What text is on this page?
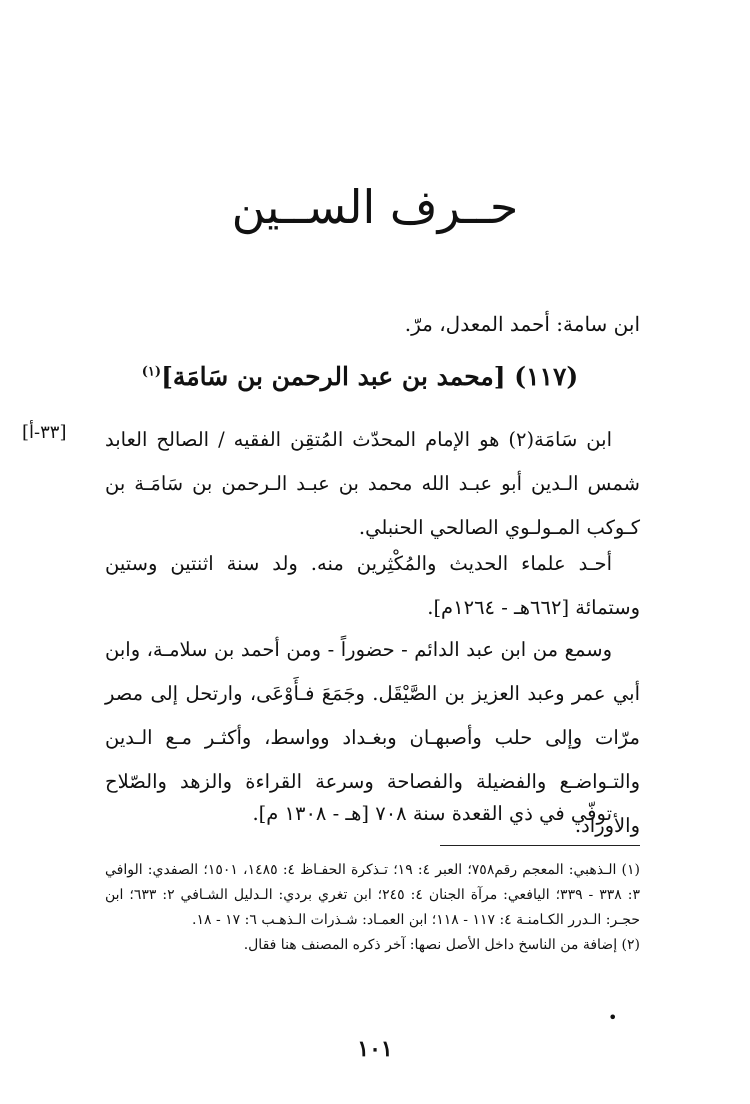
حــرف الســين
ابن سامة: أحمد المعدل، مرّ.
(١١٧) [محمد بن عبد الرحمن بن سَامَة]$^{(١)}$
[٣٣-أ] ابن سَامَة(٢) هو الإمام المحدّث المُتقِن الفقيه / الصالح العابد شمس الـدين أبو عبـد الله محمد بن عبـد الـرحمن بن سَامَـة بن كـوكب المـولـوي الصالحي الحنبلي.

أحـد علماء الحديث والمُكْثِرين منه. ولد سنة اثنتين وستين وستمائة [٦٦٢هـ - ١٢٦٤م].

وسمع من ابن عبد الدائم - حضوراً - ومن أحمد بن سلامـة، وابن أبي عمر وعبد العزيز بن الصَّيْقَل. وجَمَعَ فـأَوْعَى، وارتحل إلى مصر مرّات وإلى حلب وأصبهـان وبغـداد وواسط، وأكثـر مـع الـدين والتـواضـع والفضيلة والفصاحة وسرعة القراءة والزهد والصّلاح والأوراد.

توفّي في ذي القعدة سنة ٧٠٨ [هـ - ١٣٠٨ م].

(١) الـذهبي: المعجم رقم٧٥٨؛ العبر ٤: ١٩؛ تـذكرة الحفـاظ ٤: ١٤٨٥، ١٥٠١؛ الصفدي: الوافي ٣: ٣٣٨ - ٣٣٩؛ اليافعي: مرآة الجنان ٤: ٢٤٥؛ ابن تغري بردي: الـدليل الشـافي ٢: ٦٣٣؛ ابن حجـر: الـدرر الكـامنـة ٤: ١١٧ - ١١٨؛ ابن العمـاد: شـذرات الـذهـب ٦: ١٧ - ١٨.
(٢) إضافة من الناسخ داخل الأصل نصها: آخر ذكره المصنف هنا فقال.
•
١٠١
